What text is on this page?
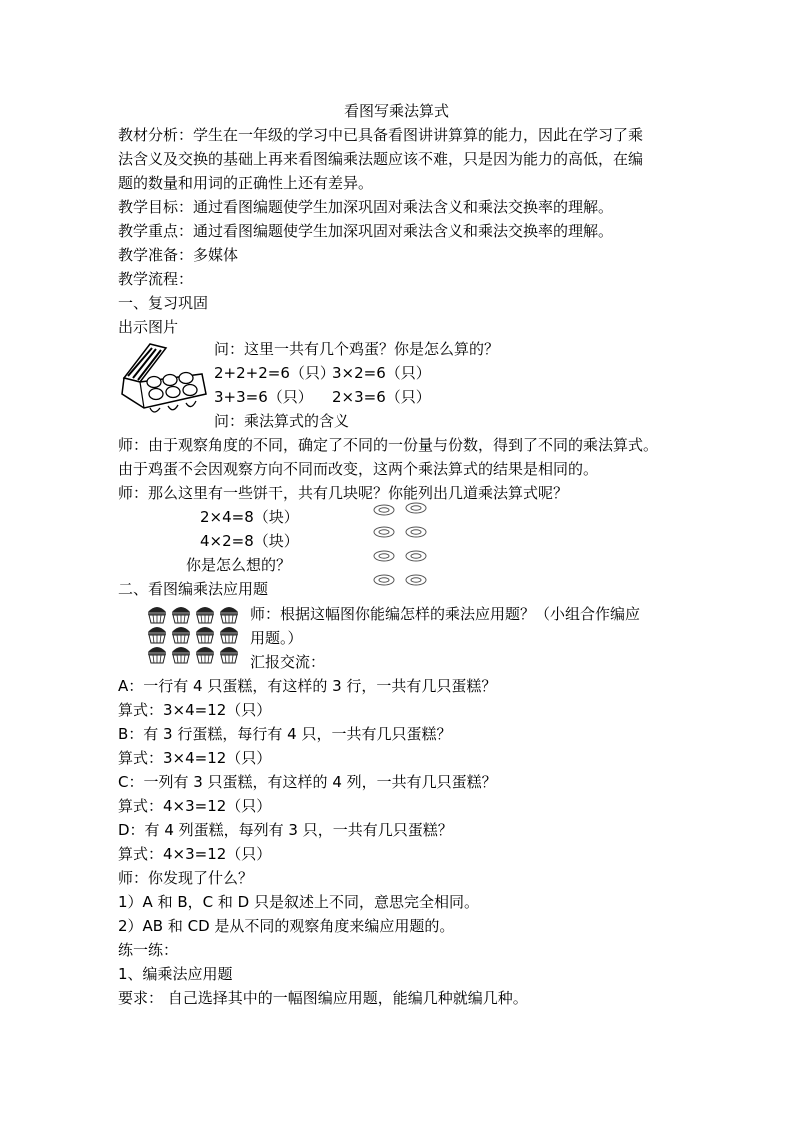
看图写乘法算式
教材分析：学生在一年级的学习中已具备看图讲讲算算的能力，因此在学习了乘
法含义及交换的基础上再来看图编乘法题应该不难，只是因为能力的高低，在编
题的数量和用词的正确性上还有差异。
教学目标：通过看图编题使学生加深巩固对乘法含义和乘法交换率的理解。
教学重点：通过看图编题使学生加深巩固对乘法含义和乘法交换率的理解。
教学准备：多媒体
教学流程：
一、复习巩固
出示图片
问：这里一共有几个鸡蛋？你是怎么算的？
2+2+2=6（只）
3×2=6（只）
3+3=6（只） 2×3=6（只）
问：乘法算式的含义
师：由于观察角度的不同，确定了不同的一份量与份数，得到了不同的乘法算式。
由于鸡蛋不会因观察方向不同而改变，这两个乘法算式的结果是相同的。
师：那么这里有一些饼干，共有几块呢？你能列出几道乘法算式呢？
2×4=8（块）
4×2=8（块）
你是怎么想的？
二、看图编乘法应用题
师：根据这幅图你能编怎样的乘法应用题？（小组合作编应
用题。）
汇报交流：
A：一行有 4 只蛋糕，有这样的 3 行，一共有几只蛋糕？
算式：3×4=12（只）
B：有 3 行蛋糕，每行有 4 只，一共有几只蛋糕？
算式：3×4=12（只）
C：一列有 3 只蛋糕，有这样的 4 列，一共有几只蛋糕？
算式：4×3=12（只）
D：有 4 列蛋糕，每列有 3 只，一共有几只蛋糕？
算式：4×3=12（只）
师：你发现了什么？
1）A 和 B，C 和 D 只是叙述上不同，意思完全相同。
2）AB 和 CD 是从不同的观察角度来编应用题的。
练一练：
1、编乘法应用题
要求： 自己选择其中的一幅图编应用题，能编几种就编几种。
